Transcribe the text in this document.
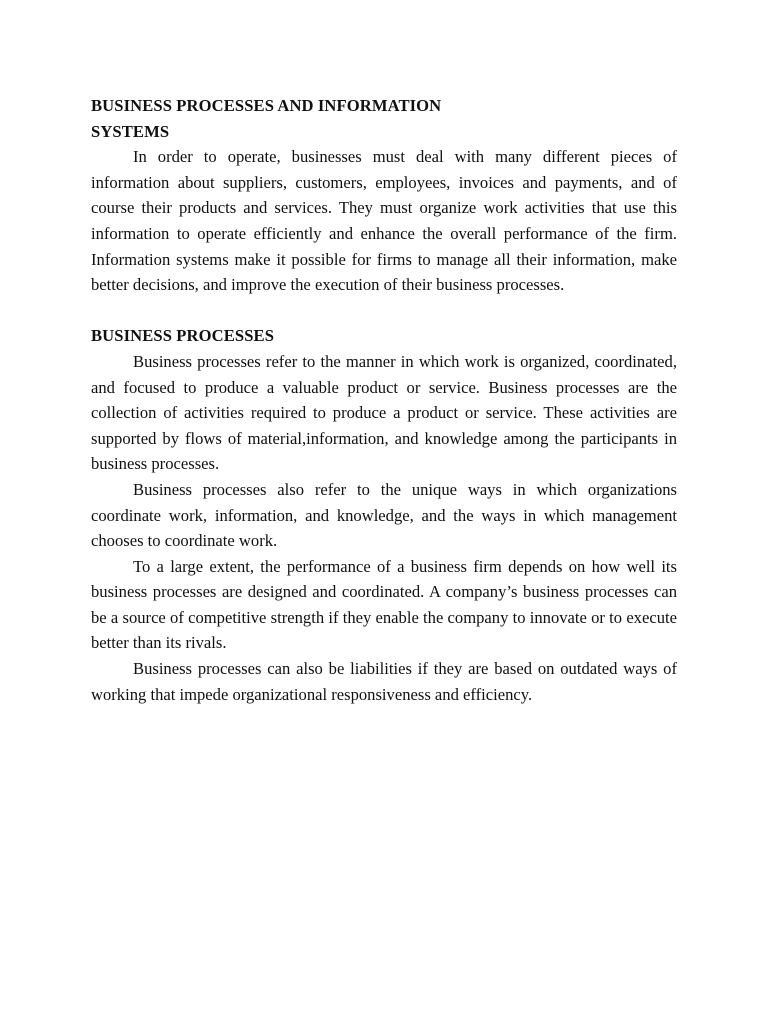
BUSINESS PROCESSES AND INFORMATION
SYSTEMS

In order to operate, businesses must deal with many different pieces of information about suppliers, customers, employees, invoices and payments, and of course their products and services. They must organize work activities that use this information to operate efficiently and enhance the overall performance of the firm. Information systems make it possible for firms to manage all their information, make better decisions, and improve the execution of their business processes.

BUSINESS PROCESSES

Business processes refer to the manner in which work is organized, coordinated, and focused to produce a valuable product or service. Business processes are the collection of activities required to produce a product or service. These activities are supported by flows of material,information, and knowledge among the participants in business processes.

Business processes also refer to the unique ways in which organizations coordinate work, information, and knowledge, and the ways in which management chooses to coordinate work.

To a large extent, the performance of a business firm depends on how well its business processes are designed and coordinated. A company’s business processes can be a source of competitive strength if they enable the company to innovate or to execute better than its rivals.

Business processes can also be liabilities if they are based on outdated ways of working that impede organizational responsiveness and efficiency.
